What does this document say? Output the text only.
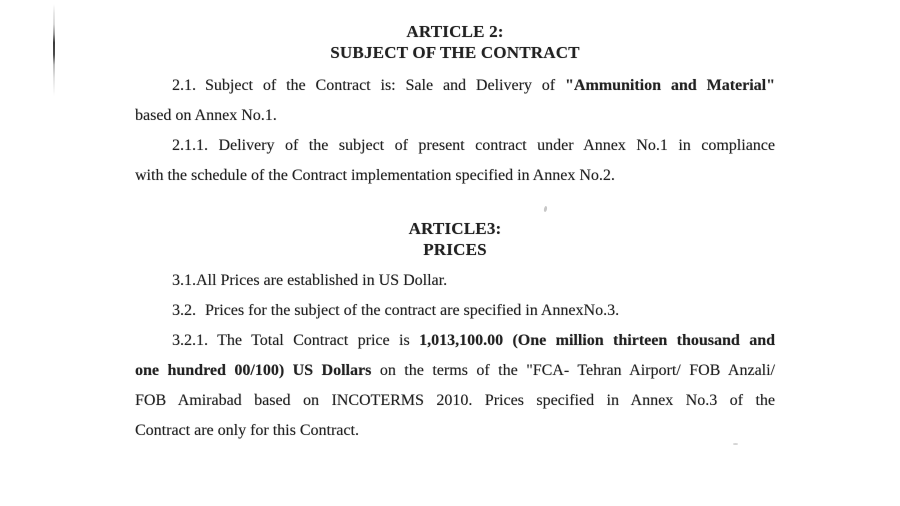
ARTICLE 2:
SUBJECT OF THE CONTRACT
2.1. Subject of the Contract is: Sale and Delivery of "Ammunition and Material"
based on Annex No.1.
2.1.1. Delivery of the subject of present contract under Annex No.1 in compliance
with the schedule of the Contract implementation specified in Annex No.2.
ARTICLE3:
PRICES
3.1.All Prices are established in US Dollar.
3.2. Prices for the subject of the contract are specified in AnnexNo.3.
3.2.1. The Total Contract price is 1,013,100.00 (One million thirteen thousand and
one hundred 00/100) US Dollars on the terms of the "FCA- Tehran Airport/ FOB Anzali/
FOB Amirabad based on INCOTERMS 2010. Prices specified in Annex No.3 of the
Contract are only for this Contract.
